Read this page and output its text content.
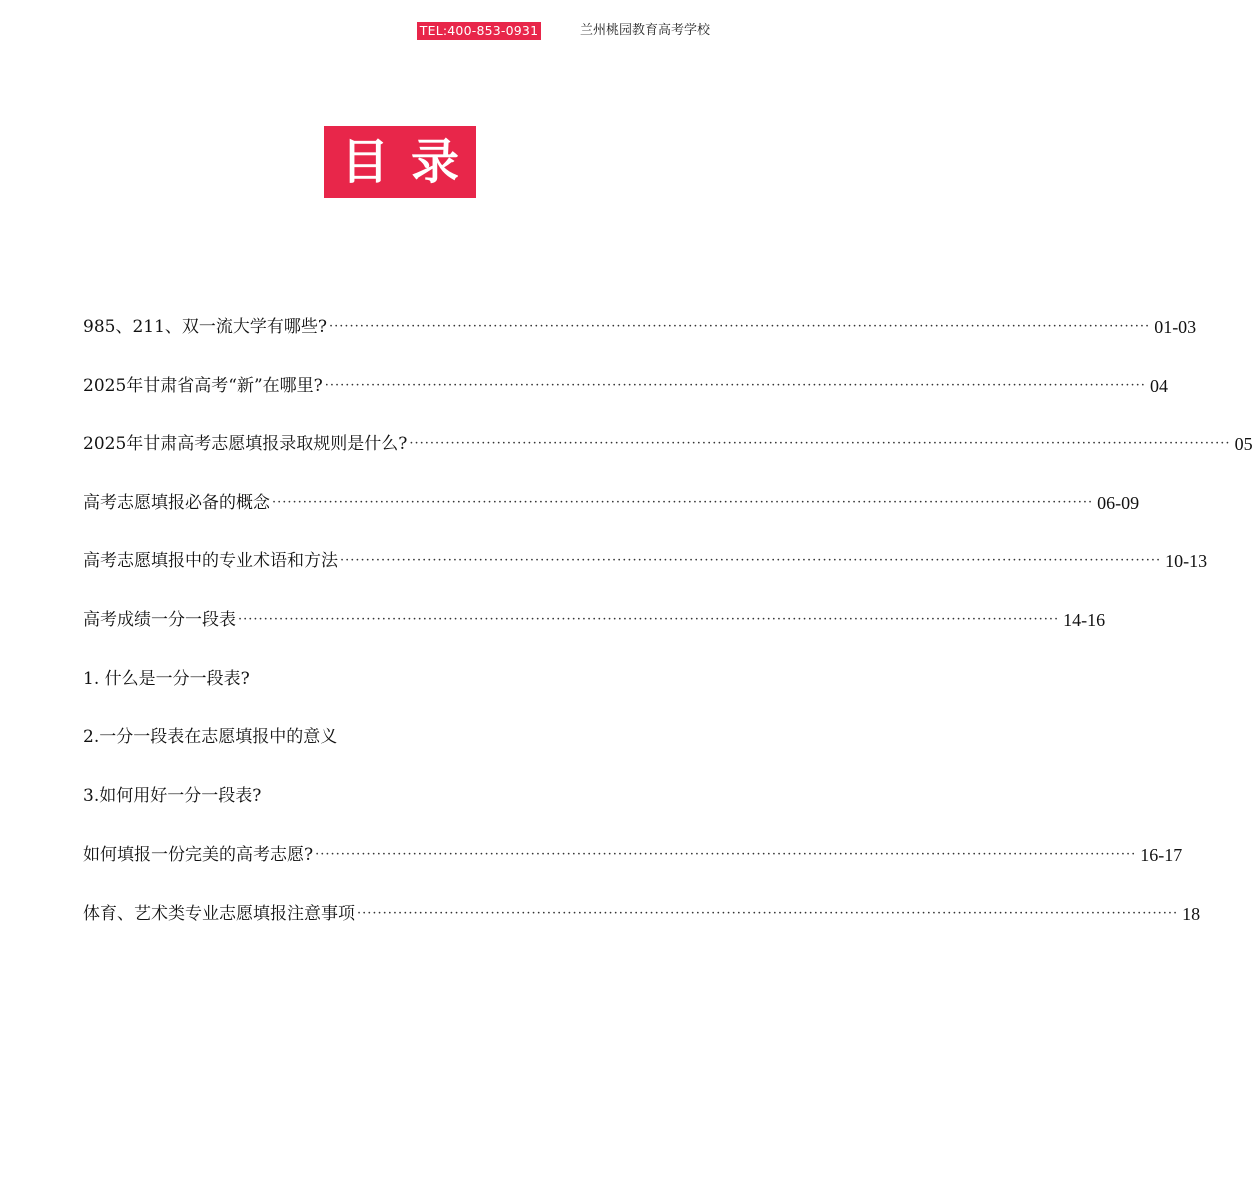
TEL:400-853-0931	兰州桃园教育高考学校
目录
985、211、双一流大学有哪些? ································································································································································ 01-03
2025年甘肃省高考“新”在哪里? ································································································································································ 04
2025年甘肃高考志愿填报录取规则是什么? ································································································································································ 05
高考志愿填报必备的概念 ································································································································································ 06-09
高考志愿填报中的专业术语和方法 ································································································································································ 10-13
高考成绩一分一段表 ································································································································································ 14-16
1. 什么是一分一段表?
2.一分一段表在志愿填报中的意义
3.如何用好一分一段表?
如何填报一份完美的高考志愿? ································································································································································ 16-17
体育、艺术类专业志愿填报注意事项 ································································································································································ 18
